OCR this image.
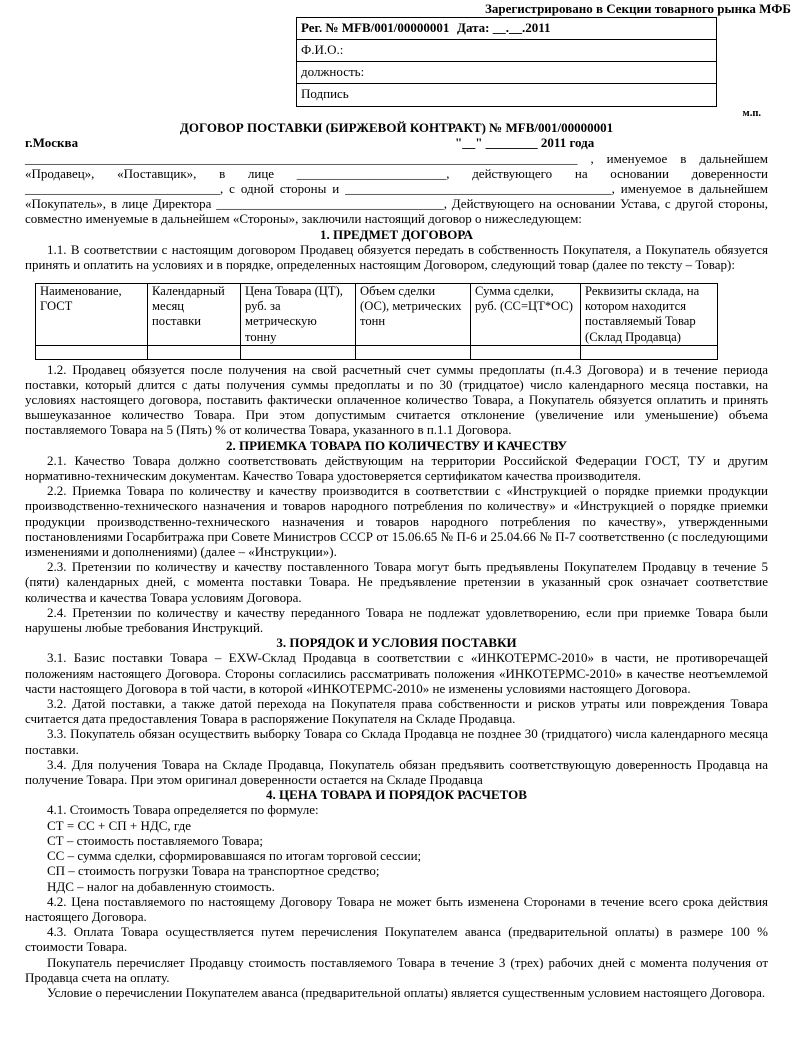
Зарегистрировано в Секции товарного рынка МФБ
Рег. № MFB/001/00000001 Дата: __.__.2011
Ф.И.О.:
должность:
Подпись
м.п.
ДОГОВОР ПОСТАВКИ (БИРЖЕВОЙ КОНТРАКТ) № MFB/001/00000001
г.Москва	"__" ________ 2011 года

_____________________________________________________________________________________ , именуемое в дальнейшем «Продавец», «Поставщик», в лице _______________________, действующего на основании доверенности ______________________________, с одной стороны и _________________________________________, именуемое в дальнейшем «Покупатель», в лице Директора ___________________________________, Действующего на основании Устава, с другой стороны, совместно именуемые в дальнейшем «Стороны», заключили настоящий договор о нижеследующем:

1. ПРЕДМЕТ ДОГОВОРА

1.1. В соответствии с настоящим договором Продавец обязуется передать в собственность Покупателя, а Покупатель обязуется принять и оплатить на условиях и в порядке, определенных настоящим Договором, следующий товар (далее по тексту – Товар):

Наименование, ГОСТ	Календарный месяц поставки	Цена Товара (ЦТ), руб. за метрическую тонну	Объем сделки (ОС), метрических тонн	Сумма сделки, руб. (СС=ЦТ*ОС)	Реквизиты склада, на котором находится поставляемый Товар (Склад Продавца)

1.2. Продавец обязуется после получения на свой расчетный счет суммы предоплаты (п.4.3 Договора) и в течение периода поставки, который длится с даты получения суммы предоплаты и по 30 (тридцатое) число календарного месяца поставки, на условиях настоящего договора, поставить фактически оплаченное количество Товара, а Покупатель обязуется оплатить и принять вышеуказанное количество Товара. При этом допустимым считается отклонение (увеличение или уменьшение) объема поставляемого Товара на 5 (Пять) % от количества Товара, указанного в п.1.1 Договора.

2. ПРИЕМКА ТОВАРА ПО КОЛИЧЕСТВУ И КАЧЕСТВУ

2.1. Качество Товара должно соответствовать действующим на территории Российской Федерации ГОСТ, ТУ и другим нормативно-техническим документам. Качество Товара удостоверяется сертификатом качества производителя.

2.2. Приемка Товара по количеству и качеству производится в соответствии с «Инструкцией о порядке приемки продукции производственно-технического назначения и товаров народного потребления по количеству» и «Инструкцией о порядке приемки продукции производственно-технического назначения и товаров народного потребления по качеству», утвержденными постановлениями Госарбитража при Совете Министров СССР от 15.06.65 № П-6 и 25.04.66 № П-7 соответственно (с последующими изменениями и дополнениями) (далее – «Инструкции»).

2.3. Претензии по количеству и качеству поставленного Товара могут быть предъявлены Покупателем Продавцу в течение 5 (пяти) календарных дней, с момента поставки Товара. Не предъявление претензии в указанный срок означает соответствие количества и качества Товара условиям Договора.

2.4. Претензии по количеству и качеству переданного Товара не подлежат удовлетворению, если при приемке Товара были нарушены любые требования Инструкций.

3. ПОРЯДОК И УСЛОВИЯ ПОСТАВКИ

3.1. Базис поставки Товара – EXW-Склад Продавца в соответствии с «ИНКОТЕРМС-2010» в части, не противоречащей положениям настоящего Договора. Стороны согласились рассматривать положения «ИНКОТЕРМС-2010» в качестве неотъемлемой части настоящего Договора в той части, в которой «ИНКОТЕРМС-2010» не изменены условиями настоящего Договора.

3.2. Датой поставки, а также датой перехода на Покупателя права собственности и рисков утраты или повреждения Товара считается дата предоставления Товара в распоряжение Покупателя на Складе Продавца.

3.3. Покупатель обязан осуществить выборку Товара со Склада Продавца не позднее 30 (тридцатого) числа календарного месяца поставки.

3.4. Для получения Товара на Складе Продавца, Покупатель обязан предъявить соответствующую доверенность Продавца на получение Товара. При этом оригинал доверенности остается на Складе Продавца

4. ЦЕНА ТОВАРА И ПОРЯДОК РАСЧЕТОВ

4.1. Стоимость Товара определяется по формуле:

СТ = СС + СП + НДС, где

СТ – стоимость поставляемого Товара;

СС – сумма сделки, сформировавшаяся по итогам торговой сессии;

СП – стоимость погрузки Товара на транспортное средство;

НДС – налог на добавленную стоимость.

4.2. Цена поставляемого по настоящему Договору Товара не может быть изменена Сторонами в течение всего срока действия настоящего Договора.

4.3. Оплата Товара осуществляется путем перечисления Покупателем аванса (предварительной оплаты) в размере 100 % стоимости Товара.

Покупатель перечисляет Продавцу стоимость поставляемого Товара в течение 3 (трех) рабочих дней с момента получения от Продавца счета на оплату.

Условие о перечислении Покупателем аванса (предварительной оплаты) является существенным условием настоящего Договора.
